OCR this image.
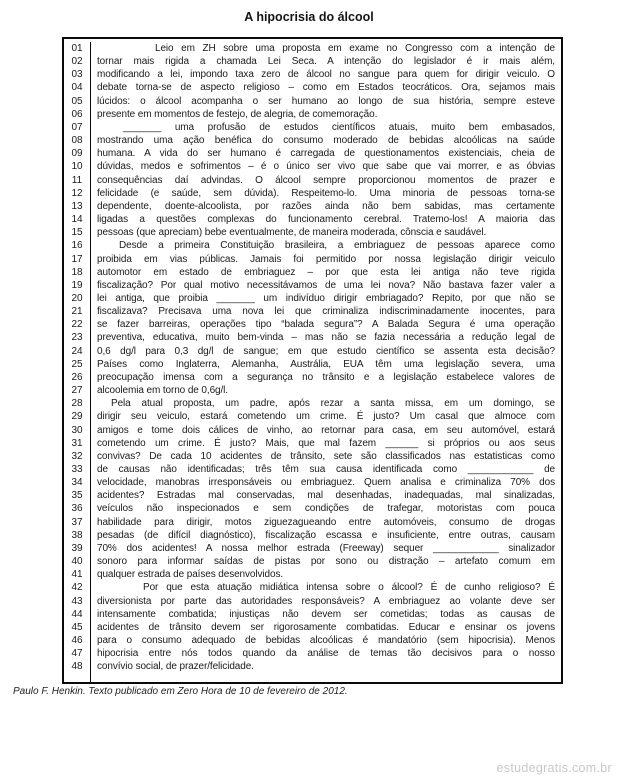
A hipocrisia do álcool
01	Leio em ZH sobre uma proposta em exame no Congresso com a intenção de
02	tornar mais rigida a chamada Lei Seca. A intenção do legislador é ir mais além,
03	modificando a lei, impondo taxa zero de álcool no sangue para quem for dirigir veiculo. O
04	debate torna-se de aspecto religioso – como em Estados teocráticos. Ora, sejamos mais
05	lúcidos: o álcool acompanha o ser humano ao longo de sua história, sempre esteve
06	presente em momentos de festejo, de alegria, de comemoração.
07	_______ uma profusão de estudos científicos atuais, muito bem embasados,
08	mostrando uma ação benéfica do consumo moderado de bebidas alcoólicas na saúde
09	humana. A vida do ser humano é carregada de questionamentos existenciais, cheia de
10	dúvidas, medos e sofrimentos – é o único ser vivo que sabe que vai morrer, e as óbvias
11	consequências daí advindas. O álcool sempre proporcionou momentos de prazer e
12	felicidade (e saúde, sem dúvida). Respeitemo-lo. Uma minoria de pessoas torna-se
13	dependente, doente-alcoolista, por razões ainda não bem sabidas, mas certamente
14	ligadas a questões complexas do funcionamento cerebral. Tratemo-los! A maioria das
15	pessoas (que apreciam) bebe eventualmente, de maneira moderada, cônscia e saudável.
16	Desde a primeira Constituição brasileira, a embriaguez de pessoas aparece como
17	proibida em vias públicas. Jamais foi permitido por nossa legislação dirigir veiculo
18	automotor em estado de embriaguez – por que esta lei antiga não teve rigida
19	fiscalização? Por qual motivo necessitávamos de uma lei nova? Não bastava fazer valer a
20	lei antiga, que proibia _______ um indivíduo dirigir embriagado? Repito, por que não se
21	fiscalizava? Precisava uma nova lei que criminaliza indiscriminadamente inocentes, para
22	se fazer barreiras, operações tipo “balada segura”? A Balada Segura é uma operação
23	preventiva, educativa, muito bem-vinda – mas não se fazia necessária a redução legal de
24	0,6 dg/l para 0,3 dg/l de sangue; em que estudo científico se assenta esta decisão?
25	Países como Inglaterra, Alemanha, Austrália, EUA têm uma legislação severa, uma
26	preocupação imensa com a segurança no trânsito e a legislação estabelece valores de
27	alcoolemia em torno de 0,6g/l.
28	Pela atual proposta, um padre, após rezar a santa missa, em um domingo, se
29	dirigir seu veiculo, estará cometendo um crime. É justo? Um casal que almoce com
30	amigos e tome dois cálices de vinho, ao retornar para casa, em seu automóvel, estará
31	cometendo um crime. É justo? Mais, que mal fazem ______ si próprios ou aos seus
32	convivas? De cada 10 acidentes de trânsito, sete são classificados nas estatisticas como
33	de causas não identificadas; três têm sua causa identificada como ____________ de
34	velocidade, manobras irresponsáveis ou embriaguez. Quem analisa e criminaliza 70% dos
35	acidentes? Estradas mal conservadas, mal desenhadas, inadequadas, mal sinalizadas,
36	veículos não inspecionados e sem condições de trafegar, motoristas com pouca
37	habilidade para dirigir, motos ziguezagueando entre automóveis, consumo de drogas
38	pesadas (de difícil diagnóstico), fiscalização escassa e insuficiente, entre outras, causam
39	70% dos acidentes! A nossa melhor estrada (Freeway) sequer ____________ sinalizador
40	sonoro para informar saídas de pistas por sono ou distração – artefato comum em
41	qualquer estrada de países desenvolvidos.
42	Por que esta atuação midiática intensa sobre o álcool? É de cunho religioso? É
43	diversionista por parte das autoridades responsáveis? A embriaguez ao volante deve ser
44	intensamente combatida; injustiças não devem ser cometidas; todas as causas de
45	acidentes de trânsito devem ser rigorosamente combatidas. Educar e ensinar os jovens
46	para o consumo adequado de bebidas alcoólicas é mandatório (sem hipocrisia). Menos
47	hipocrisia entre nós todos quando da análise de temas tão decisivos para o nosso
48	convívio social, de prazer/felicidade.
Paulo F. Henkin. Texto publicado em Zero Hora de 10 de fevereiro de 2012.
estudegratis.com.br
